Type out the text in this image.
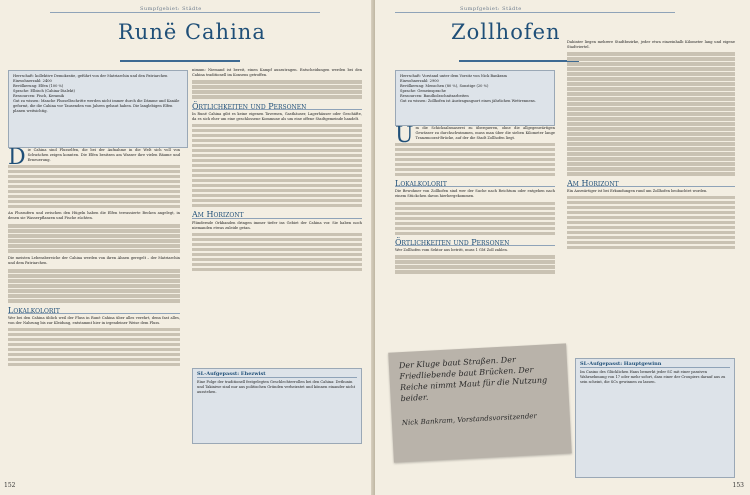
Sumpfgebiet: Städte
Runë Cahina
Herrschaft: kollektive Demokratie, geführt von der Matriarchin und den Patriarchen
Einwohnerzahl: 2400
Bevölkerung: Elfen (100 %)
Sprache: Elbisch (Cahina-Dialekt)
Ressourcen: Fisch, Keramik
Gut zu wissen: Manche Flusselbschritte werden nicht immer durch die Dämme und Kanäle geformt, die die Cahina vor Tausenden von Jahren gebaut haben. Die langlebigen Elfen planen weitsichtig.
D ie Cahina sind Flusselfen, die bei der Aufnahme in die Welt sich voll von Schwächen zeigen konnten. Die Elfen besitzen am Wasser ihre vielen Bäume und Erneuerung.

An Flussufern und zwischen den Hügeln haben die Elfen terrassierte Becken angelegt, in denen sie Wasserpflanzen und Fische züchten.

Die meisten Lebensbereiche der Cahina werden von ihren Ahnen geregelt – der Matriarchin und dem Patriarchen.

Lokalkolorit

Wer bei den Cahina üblich weil der Fluss in Runë Cahina über alles verehrt, denn fast alles, von der Nahrung bis zur Kleidung, entstammt hier in irgendeiner Weise dem Fluss.

nimum: Niemand ist bereit, einen Kampf auszutragen. Entscheidungen werden bei den Cahina traditionell im Konsens getroffen.

Örtlichkeiten und Personen

In Runë Cahina gibt es keine eigenen Tavernen, Gasthäuser, Lagerhäuser oder Geschäfte, da es sich eher um eine geschlossene Kommune als um eine offene Stadtgemeinde handelt.

Am Horizont

Plündernde Orkbanden dringen immer tiefer ins Gebiet der Cahina vor. Sie haben noch niemanden etwas zuleide getan.

SL-Aufgepasst: Ehezwist
Eine Folge der traditionell festgelegten Geschlechterrollen bei den Cahina: Dethunin und Takiniwe sind nur aus politischen Gründen verheiratet und können einander nicht ausstehen.
152
Sumpfgebiet: Städte
Zollhofen
Herrschaft: Vorstand unter dem Vorsitz von Nick Bankram
Einwohnerzahl: 2900
Bevölkerung: Menschen (80 %), Sonstige (20 %)
Sprache: Gemeinsprache
Ressourcen: Bandholzschnitzarbeiten
Gut zu wissen: Zollhofen ist Austragungsort eines jährlichen Wettrennens.
U m die Schicksalsmaserei zu überqueren, ohne die allgegenwärtigen Gewässer zu durchschwimmen, muss man über die sieben Kilometer lange Tranzmoorat-Brücke, auf der die Stadt Zollhofen liegt.
Lokalkolorit

Die Bewohner von Zollhofen sind wer der Suche nach Reichtum oder entgehen nach einem Stückchen davon hierhergekommen.

Örtlichkeiten und Personen

Wer Zollhofen vom Sektor aus betritt, muss 1 GM Zoll zahlen.

Dahinter liegen mehrere Stadtbezirke, jeder etwa einzeinhalb Kilometer lang und eigene Stadtviertel.

Am Horizont

Ein Auswärtiger ist bei Erkundungen rund um Zollhofen beobachtet worden.

SL-Aufgepasst: Hauptgewinn
Im Casino des Glücklichen Hans bemerkt jeder SC mit einer passiven Wahrnehmung von 17 oder mehr sofort, dass einer der Croupiers darauf aus zu sein scheint, die SCs gewinnen zu lassen.
Der Kluge baut Straßen. Der Friedliebende baut Brücken. Der Reiche nimmt Maut für die Nutzung beider.
Nick Bankram, Vorstandsvorsitzender
153
